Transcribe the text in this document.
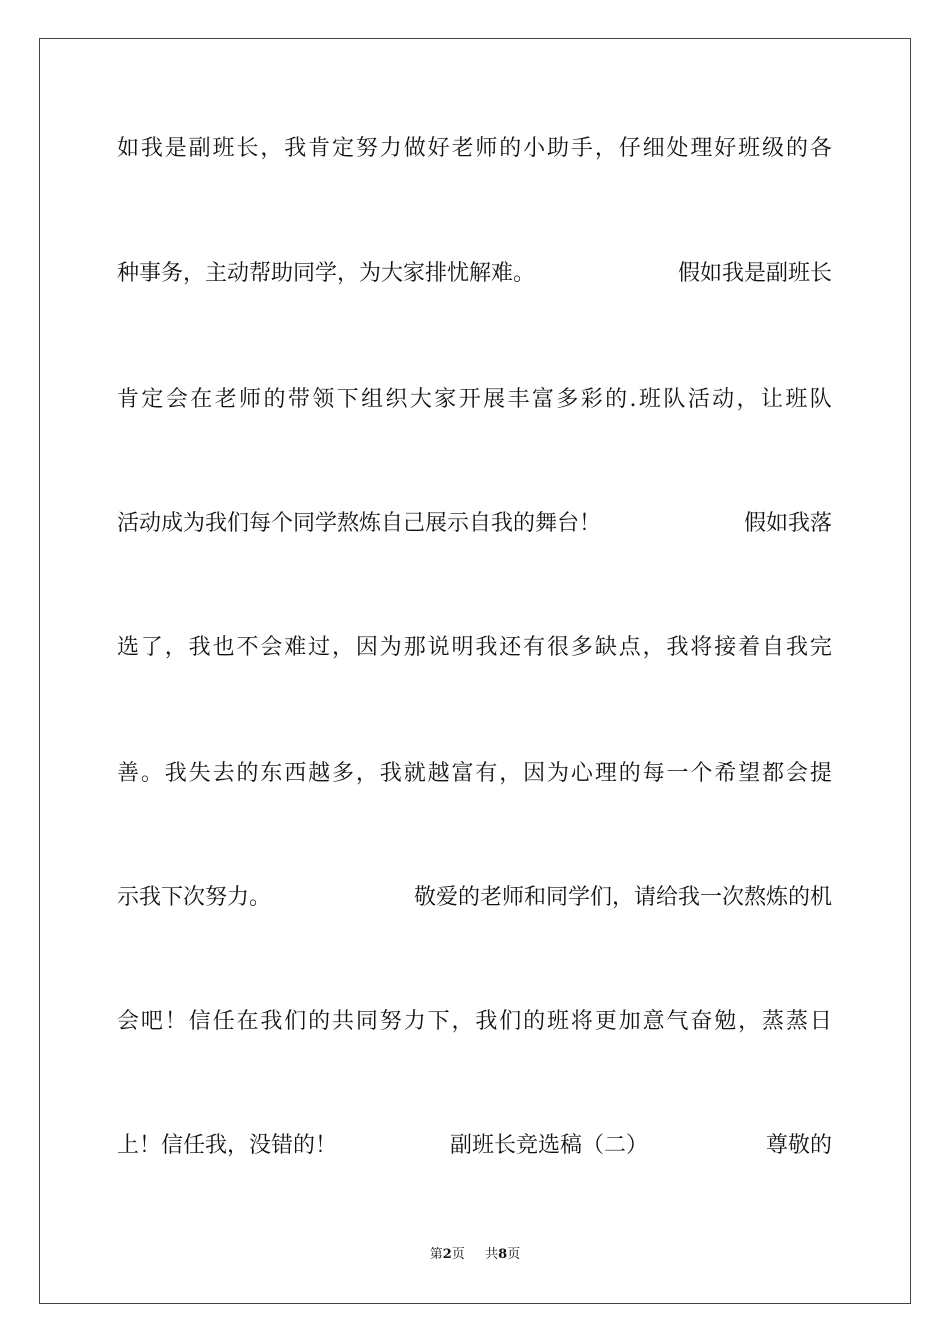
如 我 是 副 班 长 ， 我 肯 定 努 力 做 好 老 师 的 小 助 手 ， 仔 细 处 理 好 班 级 的 各
种事务，主动帮助同学，为大家排忧解难。	假如我是副班长
肯 定 会 在 老 师 的 带 领 下 组 织 大 家 开 展 丰 富 多 彩 的 . 班 队 活 动 ， 让 班 队
活动成为我们每个同学熬炼自己展示自我的舞台！	假如我落
选 了 ， 我 也 不 会 难 过 ， 因 为 那 说 明 我 还 有 很 多 缺 点 ， 我 将 接 着 自 我 完
善 。 我 失 去 的 东 西 越 多 ， 我 就 越 富 有 ， 因 为 心 理 的 每 一 个 希 望 都 会 提
示我下次努力。	敬爱的老师和同学们，请给我一次熬炼的机
会 吧 ！ 信 任 在 我 们 的 共 同 努 力 下 ， 我 们 的 班 将 更 加 意 气 奋 勉 ， 蒸 蒸 日
上！信任我，没错的！	副班长竞选稿（二）	尊敬的
第2页 共8页
